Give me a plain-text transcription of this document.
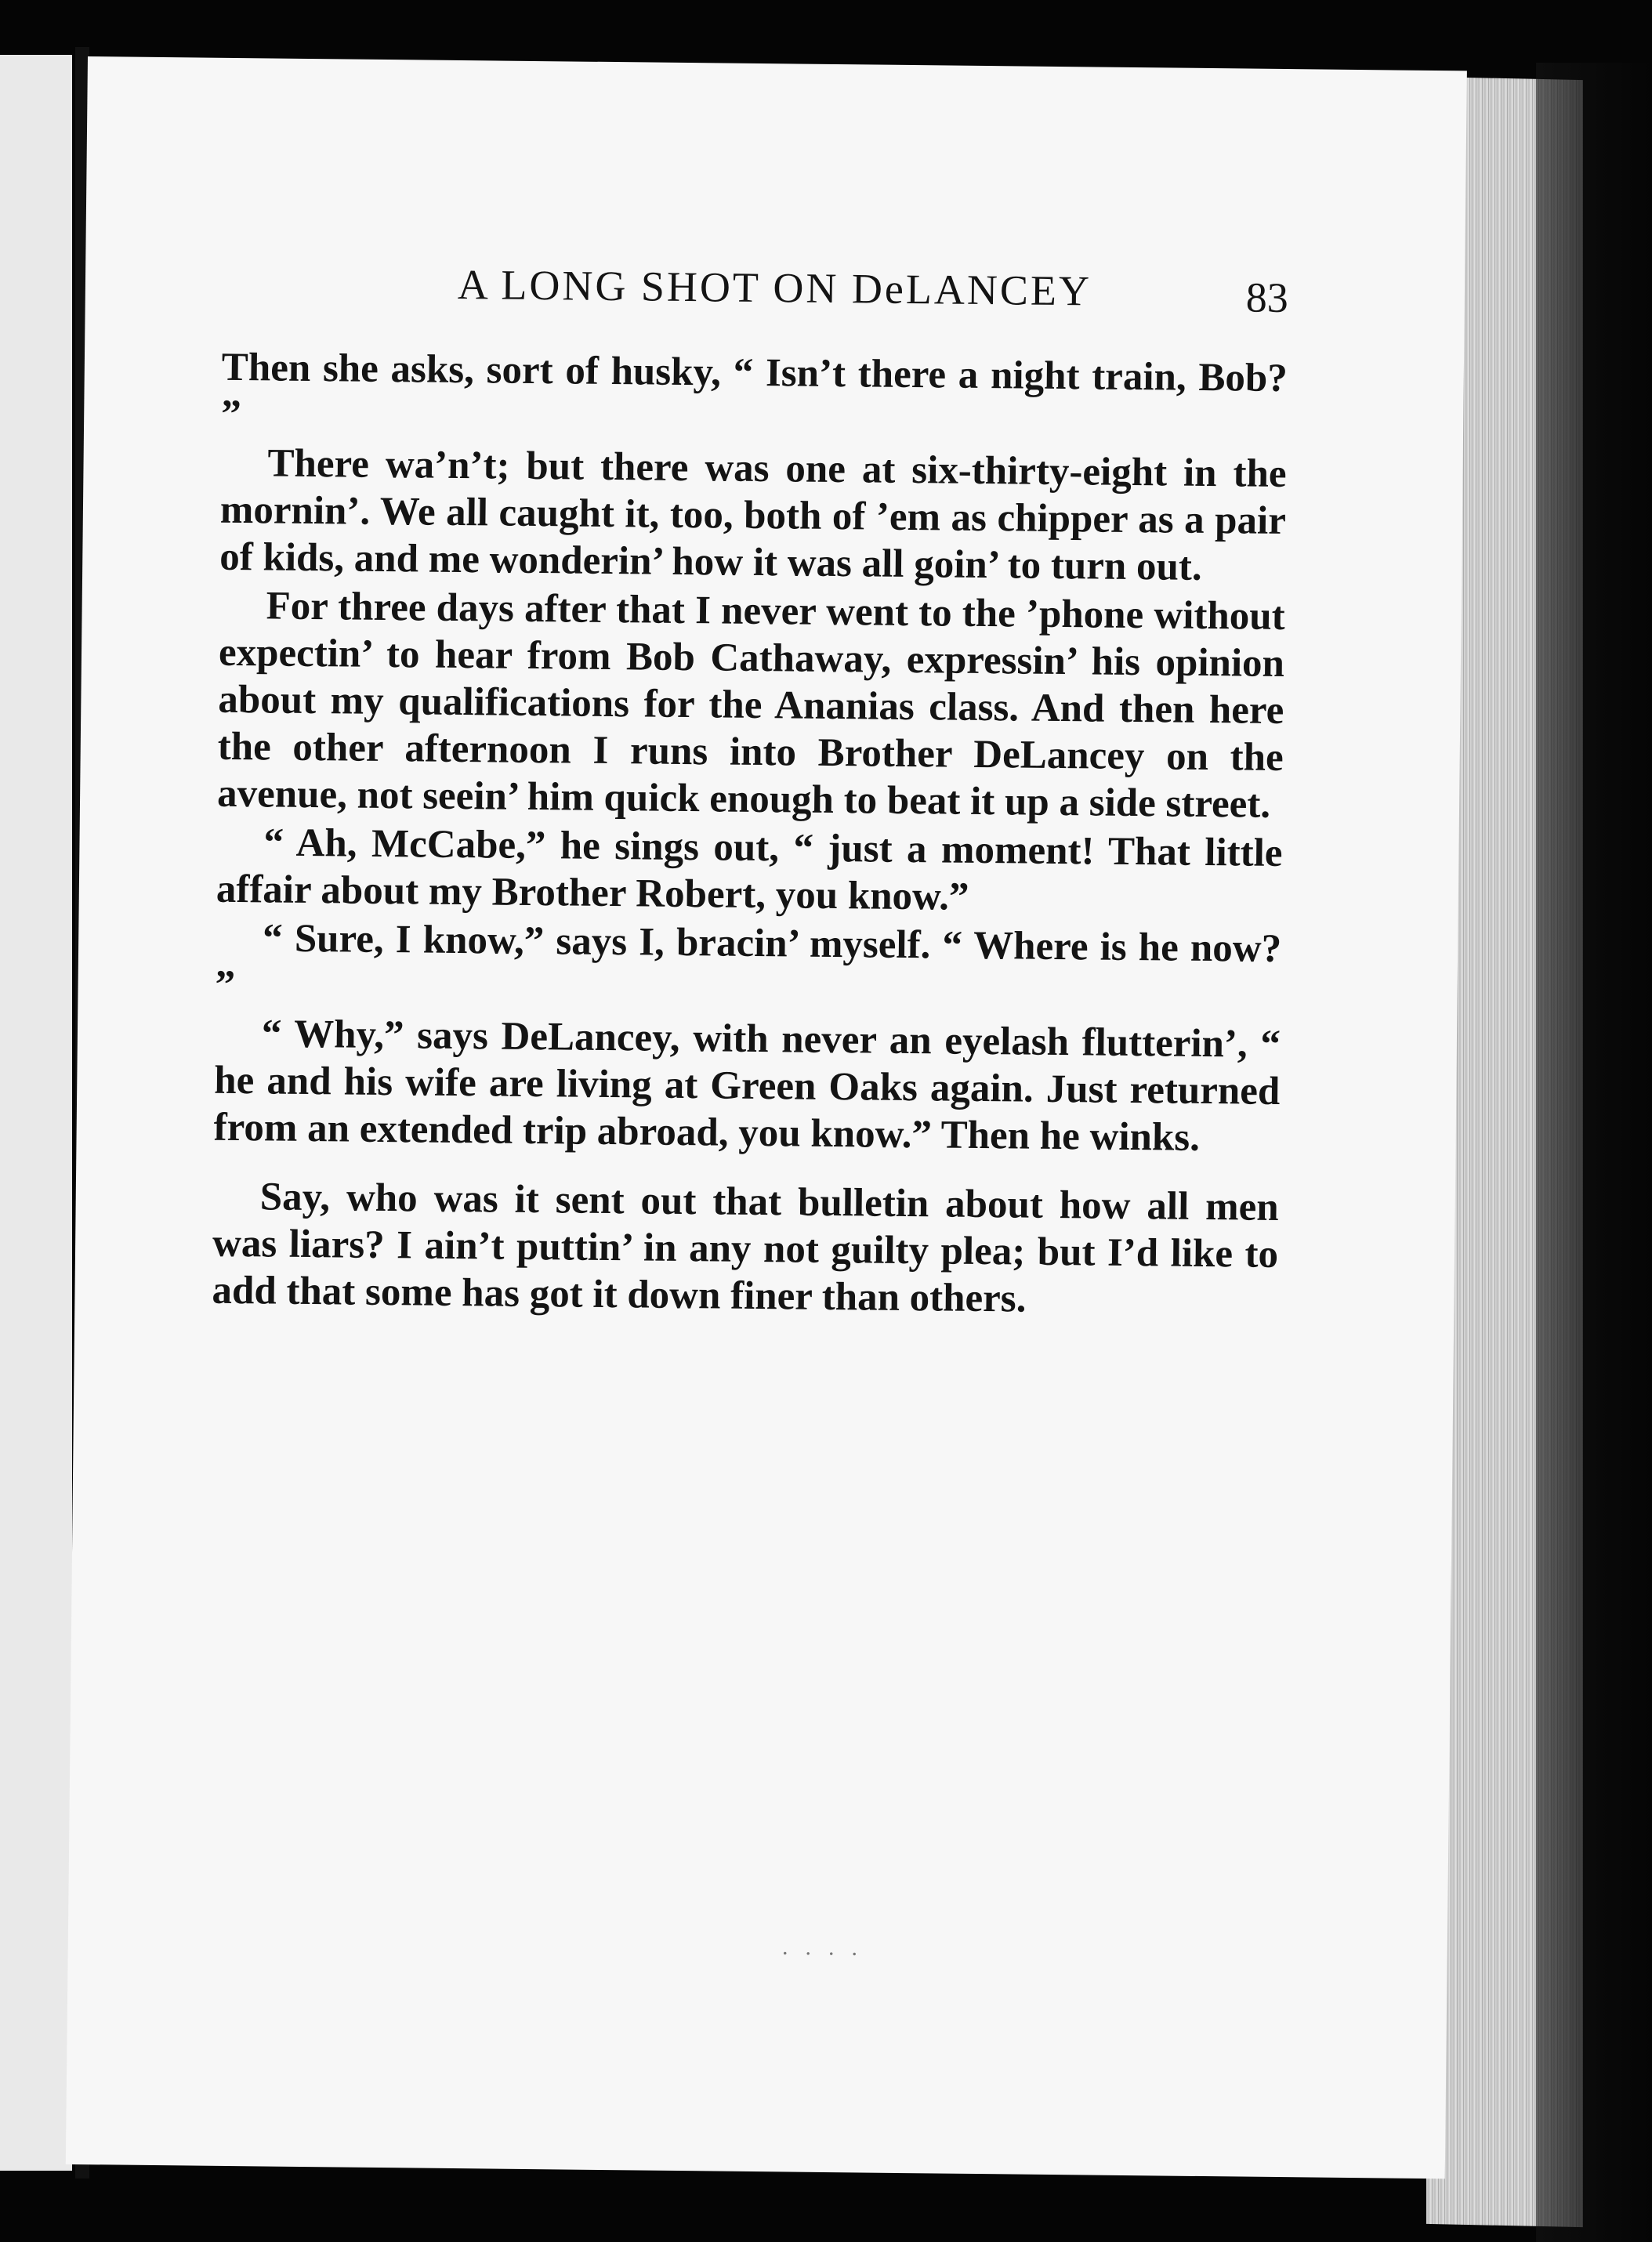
A LONG SHOT ON DeLANCEY	83

Then she asks, sort of husky, “ Isn’t there a night train, Bob? ”

There wa’n’t; but there was one at six-thirty-eight in the mornin’. We all caught it, too, both of ’em as chipper as a pair of kids, and me wonderin’ how it was all goin’ to turn out.

For three days after that I never went to the ’phone without expectin’ to hear from Bob Cathaway, expressin’ his opinion about my qualifications for the Ananias class. And then here the other afternoon I runs into Brother DeLancey on the avenue, not seein’ him quick enough to beat it up a side street.

“ Ah, McCabe,” he sings out, “ just a moment! That little affair about my Brother Robert, you know.”

“ Sure, I know,” says I, bracin’ myself. “ Where is he now? ”

“ Why,” says DeLancey, with never an eyelash flutterin’, “ he and his wife are living at Green Oaks again. Just returned from an extended trip abroad, you know.” Then he winks.

Say, who was it sent out that bulletin about how all men was liars? I ain’t puttin’ in any not guilty plea; but I’d like to add that some has got it down finer than others.

· · · ·
